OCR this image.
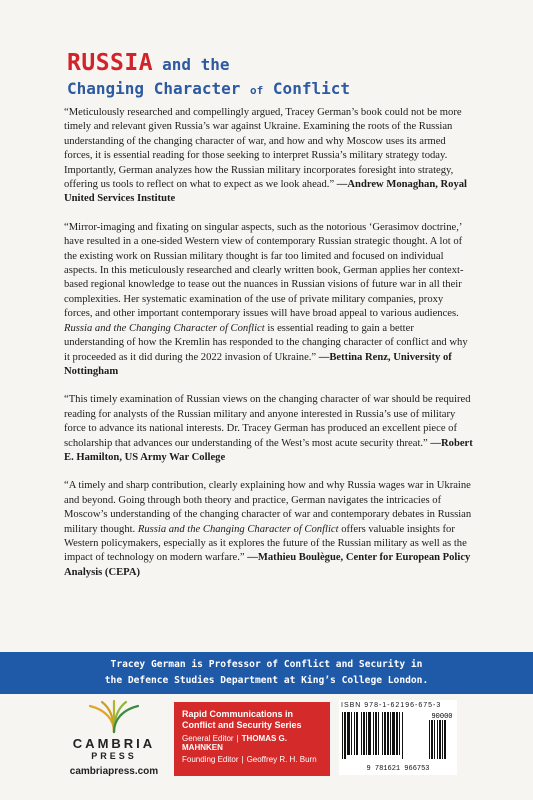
RUSSIA and the
Changing Character of Conflict

“Meticulously researched and compellingly argued, Tracey German’s book could not be more timely and relevant given Russia’s war against Ukraine. Examining the roots of the Russian understanding of the changing character of war, and how and why Moscow uses its armed forces, it is essential reading for those seeking to interpret Russia’s military strategy today. Importantly, German analyzes how the Russian military incorporates foresight into strategy, offering us tools to reflect on what to expect as we look ahead.” —Andrew Monaghan, Royal United Services Institute

“Mirror-imaging and fixating on singular aspects, such as the notorious ‘Gerasimov doctrine,’ have resulted in a one-sided Western view of contemporary Russian strategic thought. A lot of the existing work on Russian military thought is far too limited and focused on individual aspects. In this meticulously researched and clearly written book, German applies her context-based regional knowledge to tease out the nuances in Russian visions of future war in all their complexities. Her systematic examination of the use of private military companies, proxy forces, and other important contemporary issues will have broad appeal to various audiences. Russia and the Changing Character of Conflict is essential reading to gain a better understanding of how the Kremlin has responded to the changing character of conflict and why it proceeded as it did during the 2022 invasion of Ukraine.” —Bettina Renz, University of Nottingham

“This timely examination of Russian views on the changing character of war should be required reading for analysts of the Russian military and anyone interested in Russia’s use of military force to advance its national interests. Dr. Tracey German has produced an excellent piece of scholarship that advances our understanding of the West’s most acute security threat.” —Robert E. Hamilton, US Army War College

“A timely and sharp contribution, clearly explaining how and why Russia wages war in Ukraine and beyond. Going through both theory and practice, German navigates the intricacies of Moscow’s understanding of the changing character of war and contemporary debates in Russian military thought. Russia and the Changing Character of Conflict offers valuable insights for Western policymakers, especially as it explores the future of the Russian military as well as the impact of technology on modern warfare.” —Mathieu Boulègue, Center for European Policy Analysis (CEPA)

Tracey German is Professor of Conflict and Security in
the Defence Studies Department at King’s College London.
CAMBRIA
PRESS
cambriapress.com
Rapid Communications in Conflict and Security Series
General Editor | THOMAS G. MAHNKEN
Founding Editor | Geoffrey R. H. Burn
ISBN 978-1-62196-675-3
90000
9 781621 966753
